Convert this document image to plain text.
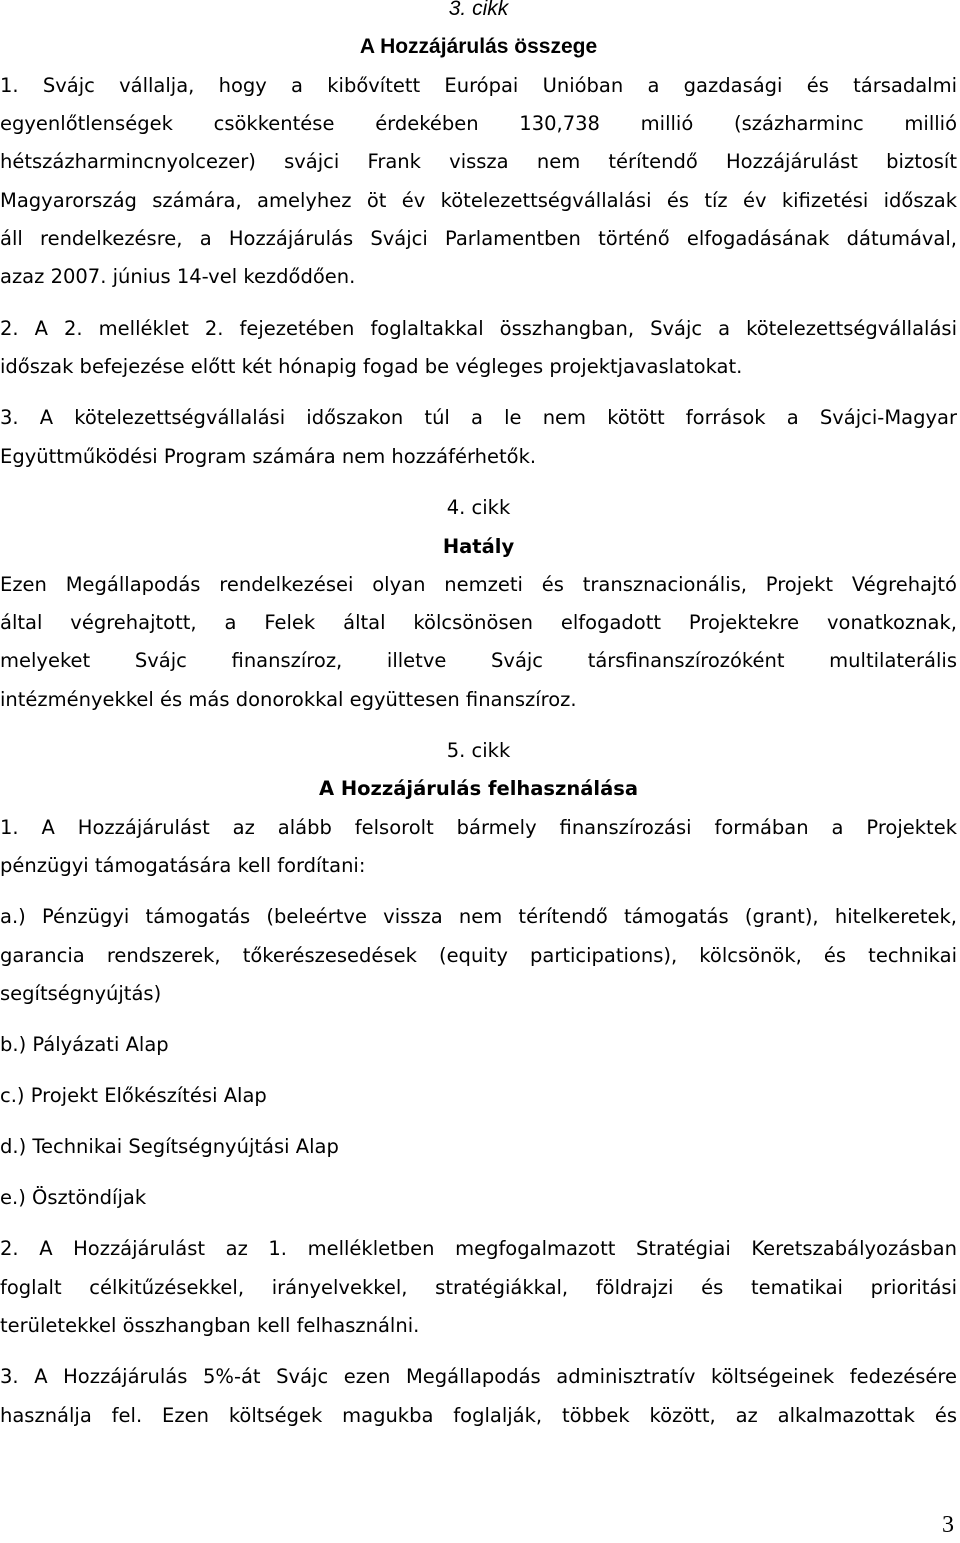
3. cikk
A Hozzájárulás összege
1. Svájc vállalja, hogy a kibővített Európai Unióban a gazdasági és társadalmi
egyenlőtlenségek csökkentése érdekében 130,738 millió (százharminc millió
hétszázharmincnyolcezer) svájci Frank vissza nem térítendő Hozzájárulást biztosít
Magyarország számára, amelyhez öt év kötelezettségvállalási és tíz év kifizetési időszak
áll rendelkezésre, a Hozzájárulás Svájci Parlamentben történő elfogadásának dátumával,
azaz 2007. június 14-vel kezdődően.
2. A 2. melléklet 2. fejezetében foglaltakkal összhangban, Svájc a kötelezettségvállalási
időszak befejezése előtt két hónapig fogad be végleges projektjavaslatokat.
3. A kötelezettségvállalási időszakon túl a le nem kötött források a Svájci-Magyar
Együttműködési Program számára nem hozzáférhetők.
4. cikk
Hatály
Ezen Megállapodás rendelkezései olyan nemzeti és transznacionális, Projekt Végrehajtó
által végrehajtott, a Felek által kölcsönösen elfogadott Projektekre vonatkoznak,
melyeket Svájc finanszíroz, illetve Svájc társfinanszírozóként multilaterális
intézményekkel és más donorokkal együttesen finanszíroz.
5. cikk
A Hozzájárulás felhasználása
1. A Hozzájárulást az alább felsorolt bármely finanszírozási formában a Projektek
pénzügyi támogatására kell fordítani:
a.) Pénzügyi támogatás (beleértve vissza nem térítendő támogatás (grant), hitelkeretek,
garancia rendszerek, tőkerészesedések (equity participations), kölcsönök, és technikai
segítségnyújtás)
b.) Pályázati Alap
c.) Projekt Előkészítési Alap
d.) Technikai Segítségnyújtási Alap
e.) Ösztöndíjak
2. A Hozzájárulást az 1. mellékletben megfogalmazott Stratégiai Keretszabályozásban
foglalt célkitűzésekkel, irányelvekkel, stratégiákkal, földrajzi és tematikai prioritási
területekkel összhangban kell felhasználni.
3. A Hozzájárulás 5%-át Svájc ezen Megállapodás adminisztratív költségeinek fedezésére
használja fel. Ezen költségek magukba foglalják, többek között, az alkalmazottak és
3
